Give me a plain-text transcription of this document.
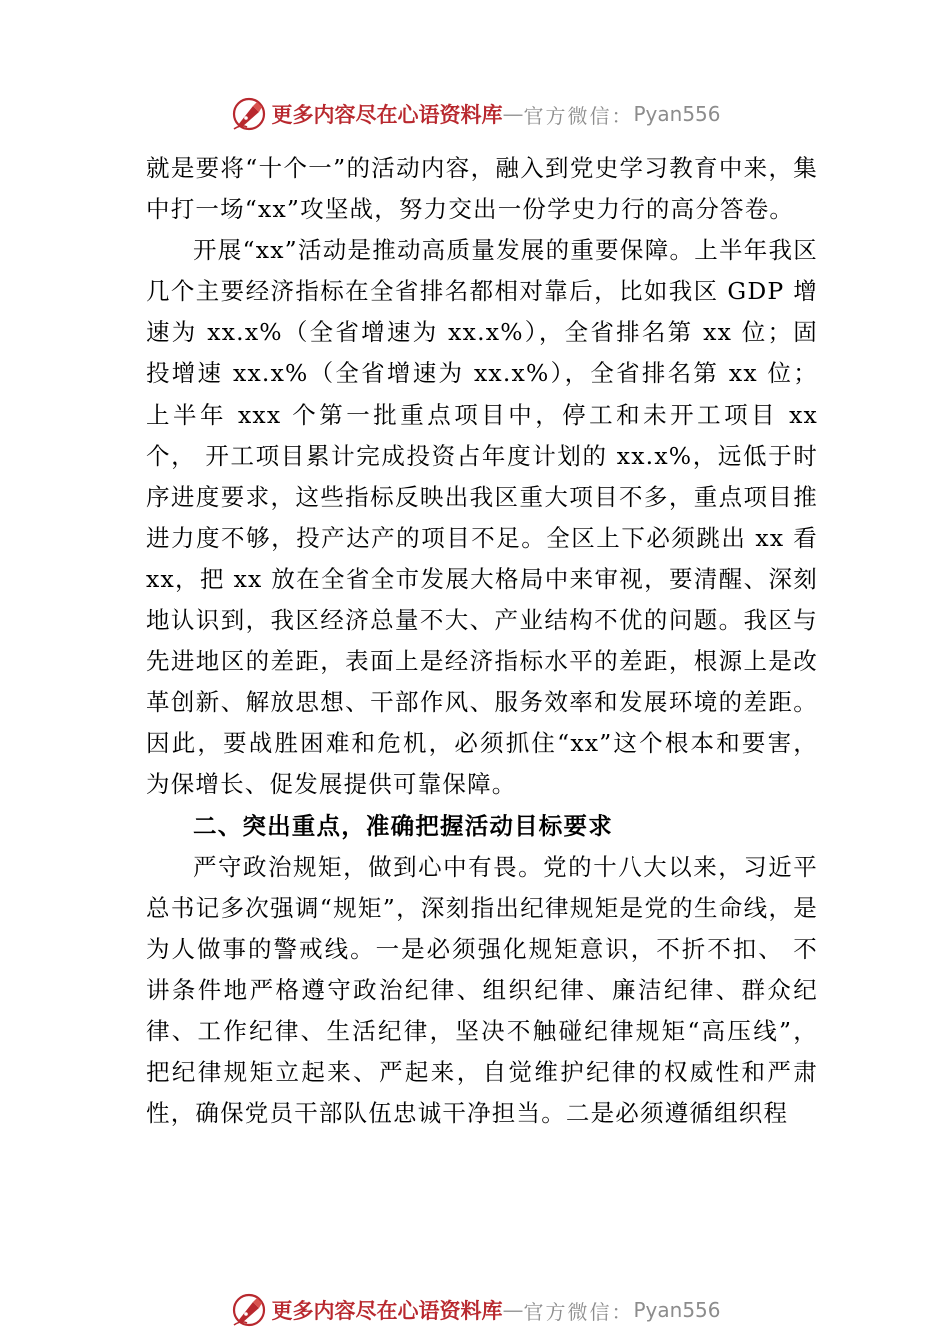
更多内容尽在心语资料库 — 官方微信： Pyan556

就是要将“十个一”的活动内容，融入到党史学习教育中来，集中打一场“xx”攻坚战，努力交出一份学史力行的高分答卷。

开展“xx”活动是推动高质量发展的重要保障。上半年我区几个主要经济指标在全省排名都相对靠后，比如我区 GDP 增速为 xx.x%（全省增速为 xx.x%），全省排名第 xx 位；固投增速 xx.x%（全省增速为 xx.x%），全省排名第 xx 位；上半年 xxx 个第一批重点项目中，停工和未开工项目 xx 个， 开工项目累计完成投资占年度计划的 xx.x%，远低于时序进度要求，这些指标反映出我区重大项目不多，重点项目推进力度不够，投产达产的项目不足。全区上下必须跳出 xx 看 xx，把 xx 放在全省全市发展大格局中来审视，要清醒、深刻地认识到，我区经济总量不大、产业结构不优的问题。我区与先进地区的差距，表面上是经济指标水平的差距，根源上是改革创新、解放思想、干部作风、服务效率和发展环境的差距。因此，要战胜困难和危机，必须抓住“xx”这个根本和要害，为保增长、促发展提供可靠保障。

二、突出重点，准确把握活动目标要求

严守政治规矩，做到心中有畏。党的十八大以来，习近平总书记多次强调“规矩”，深刻指出纪律规矩是党的生命线，是为人做事的警戒线。一是必须强化规矩意识，不折不扣、 不讲条件地严格遵守政治纪律、组织纪律、廉洁纪律、群众纪律、工作纪律、生活纪律，坚决不触碰纪律规矩“高压线”， 把纪律规矩立起来、严起来，自觉维护纪律的权威性和严肃性，确保党员干部队伍忠诚干净担当。二是必须遵循组织程

更多内容尽在心语资料库 — 官方微信： Pyan556
